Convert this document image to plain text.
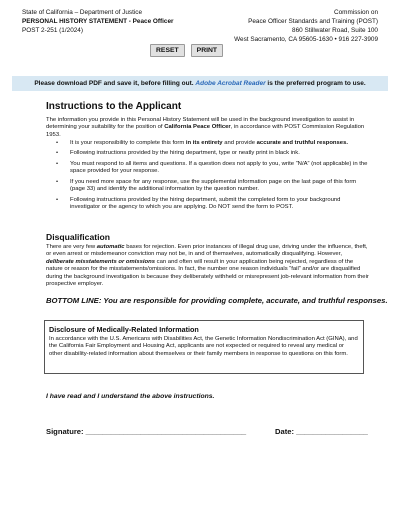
State of California – Department of Justice
PERSONAL HISTORY STATEMENT - Peace Officer
POST 2-251 (1/2024)
Commission on
Peace Officer Standards and Training (POST)
860 Stillwater Road, Suite 100
West Sacramento, CA 95605-1630 • 916 227-3909
RESET	PRINT
Please download PDF and save it, before filling out. Adobe Acrobat Reader is the preferred program to use.
Instructions to the Applicant
The information you provide in this Personal History Statement will be used in the background investigation to assist in determining your suitability for the position of California Peace Officer, in accordance with POST Commission Regulation 1953.
• It is your responsibility to complete this form in its entirety and provide accurate and truthful responses.
• Following instructions provided by the hiring department, type or neatly print in black ink.
• You must respond to all items and questions. If a question does not apply to you, write “N/A” (not applicable) in the space provided for your response.
• If you need more space for any response, use the supplemental information page on the last page of this form (page 33) and identify the additional information by the question number.
• Following instructions provided by the hiring department, submit the completed form to your background investigator or the agency to which you are applying. Do NOT send the form to POST.
Disqualification
There are very few automatic bases for rejection. Even prior instances of illegal drug use, driving under the influence, theft, or even arrest or misdemeanor conviction may not be, in and of themselves, automatically disqualifying. However, deliberate misstatements or omissions can and often will result in your application being rejected, regardless of the nature or reason for the misstatements/omissions. In fact, the number one reason individuals “fail” and/or are disqualified during the background investigation is because they deliberately withheld or misrepresent job-relevant information from their prospective employer.
BOTTOM LINE: You are responsible for providing complete, accurate, and truthful responses.
Disclosure of Medically-Related Information
In accordance with the U.S. Americans with Disabilities Act, the Genetic Information Nondiscrimination Act (GINA), and the California Fair Employment and Housing Act, applicants are not expected or required to reveal any medical or other disability-related information about themselves or their family members in response to questions on this form.
I have read and I understand the above instructions.
Signature: ______________________________________	Date: _________________
